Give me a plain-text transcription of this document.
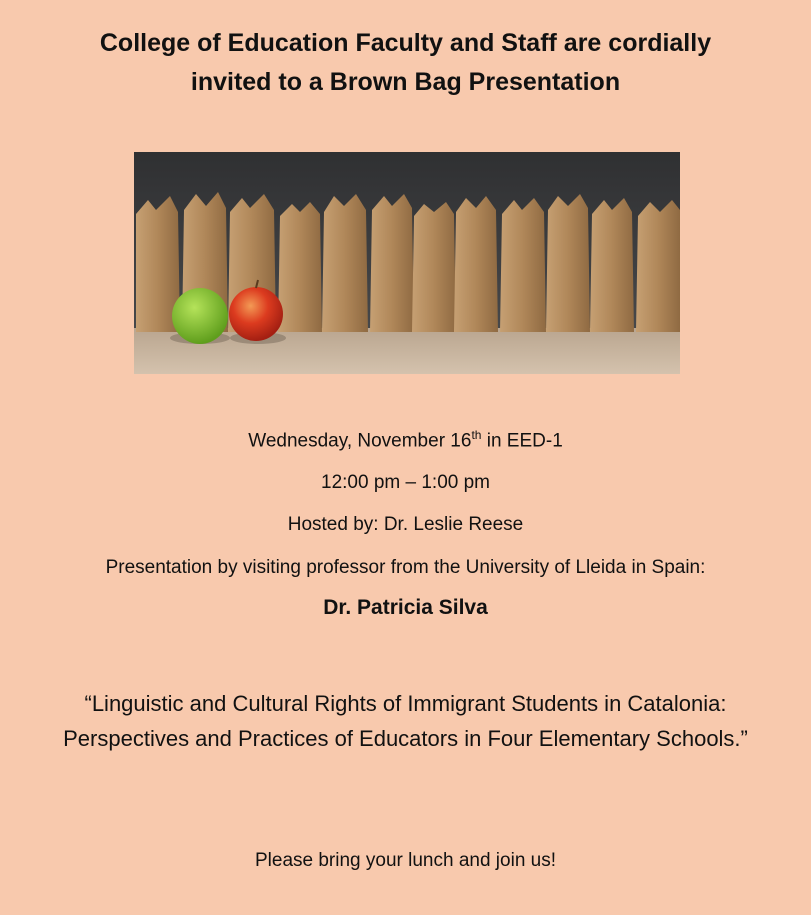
College of Education Faculty and Staff are cordially
invited to a Brown Bag Presentation

Wednesday, November 16th in EED-1

12:00 pm – 1:00 pm

Hosted by: Dr. Leslie Reese

Presentation by visiting professor from the University of Lleida in Spain:

Dr. Patricia Silva

“Linguistic and Cultural Rights of Immigrant Students in Catalonia: Perspectives and Practices of Educators in Four Elementary Schools.”

Please bring your lunch and join us!
